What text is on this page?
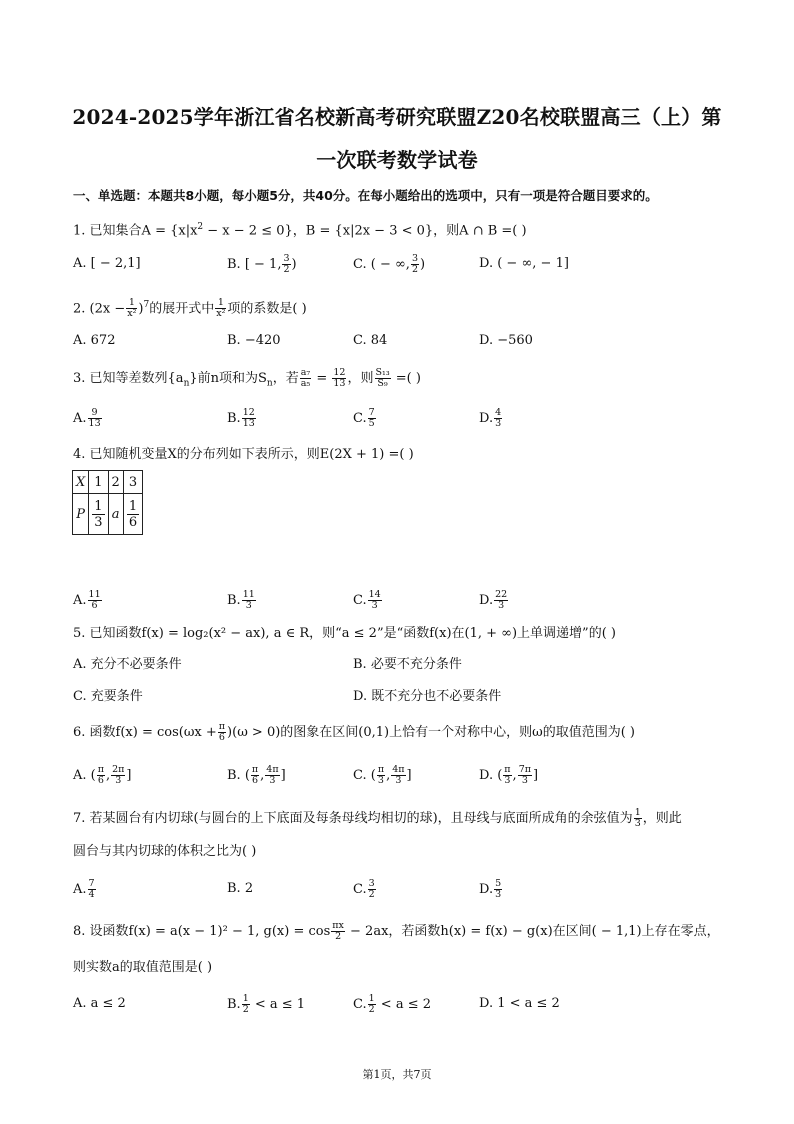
2024-2025学年浙江省名校新高考研究联盟Z20名校联盟高三（上）第
一次联考数学试卷
一、单选题：本题共8小题，每小题5分，共40分。在每小题给出的选项中，只有一项是符合题目要求的。
1. 已知集合$A = \{x|x^2 - x - 2 \le 0\}$，B = {x|2x − 3 < 0}，则A ∩ B =( )
A. [ − 2,1]	B. [ − 1, $\frac{3}{2}$ )	C. ( − ∞, $\frac{3}{2}$ )	D. ( − ∞, − 1]
2. $(2x - \frac{1}{\text{x²}} )^7$的展开式中 $\frac{1}{\text{x²}}$ 项的系数是( )
A. 672	B. −420	C. 84	D. −560
3. 已知等差数列$\{a_n\}$前n项和为$S_n$，若 $\frac{\text{a₇}}{\text{a₅}} = \frac{12}{13}$ ，则 $\frac{\text{S₁₃}}{\text{S₉}}$ =( )
A. $\frac{9}{13}$	B. $\frac{12}{13}$	C. $\frac{7}{5}$	D. $\frac{4}{3}$
4. 已知随机变量X的分布列如下表所示，则E(2X + 1) =( )
X	1	2	3
P	$\frac{1}{3}$	a	$\frac{1}{6}$
A. $\frac{11}{6}$	B. $\frac{11}{3}$	C. $\frac{14}{3}$	D. $\frac{22}{3}$
5. 已知函数f(x) = log₂(x² − ax), a ∈ R，则“a ≤ 2”是“函数f(x)在(1, + ∞)上单调递增”的( )
A. 充分不必要条件	B. 必要不充分条件
C. 充要条件	D. 既不充分也不必要条件
6. 函数$f(x) = \cos(\omega x + \frac{\pi}{6} )(\omega > 0)$的图象在区间(0,1)上恰有一个对称中心，则ω的取值范围为( )
A. ( $\frac{\pi}{6}$ , $\frac{2\pi}{3}$ ]	B. ( $\frac{\pi}{6}$ , $\frac{4\pi}{3}$ ]	C. ( $\frac{\pi}{3}$ , $\frac{4\pi}{3}$ ]	D. ( $\frac{\pi}{3}$ , $\frac{7\pi}{3}$ ]
7. 若某圆台有内切球(与圆台的上下底面及每条母线均相切的球)，且母线与底面所成角的余弦值为 $\frac{1}{3}$ ，则此
圆台与其内切球的体积之比为( )
A. $\frac{7}{4}$	B. 2	C. $\frac{3}{2}$	D. $\frac{5}{3}$
8. 设函数f(x) = a(x − 1)² − 1, $g(x) = \cos \frac{\pi x}{2} - 2ax$，若函数h(x) = f(x) − g(x)在区间( − 1,1)上存在零点，
则实数a的取值范围是( )
A. a ≤ 2	B. $\frac{1}{2} < a \le 1$	C. $\frac{1}{2} < a \le 2$	D. 1 < a ≤ 2
第1页，共7页
